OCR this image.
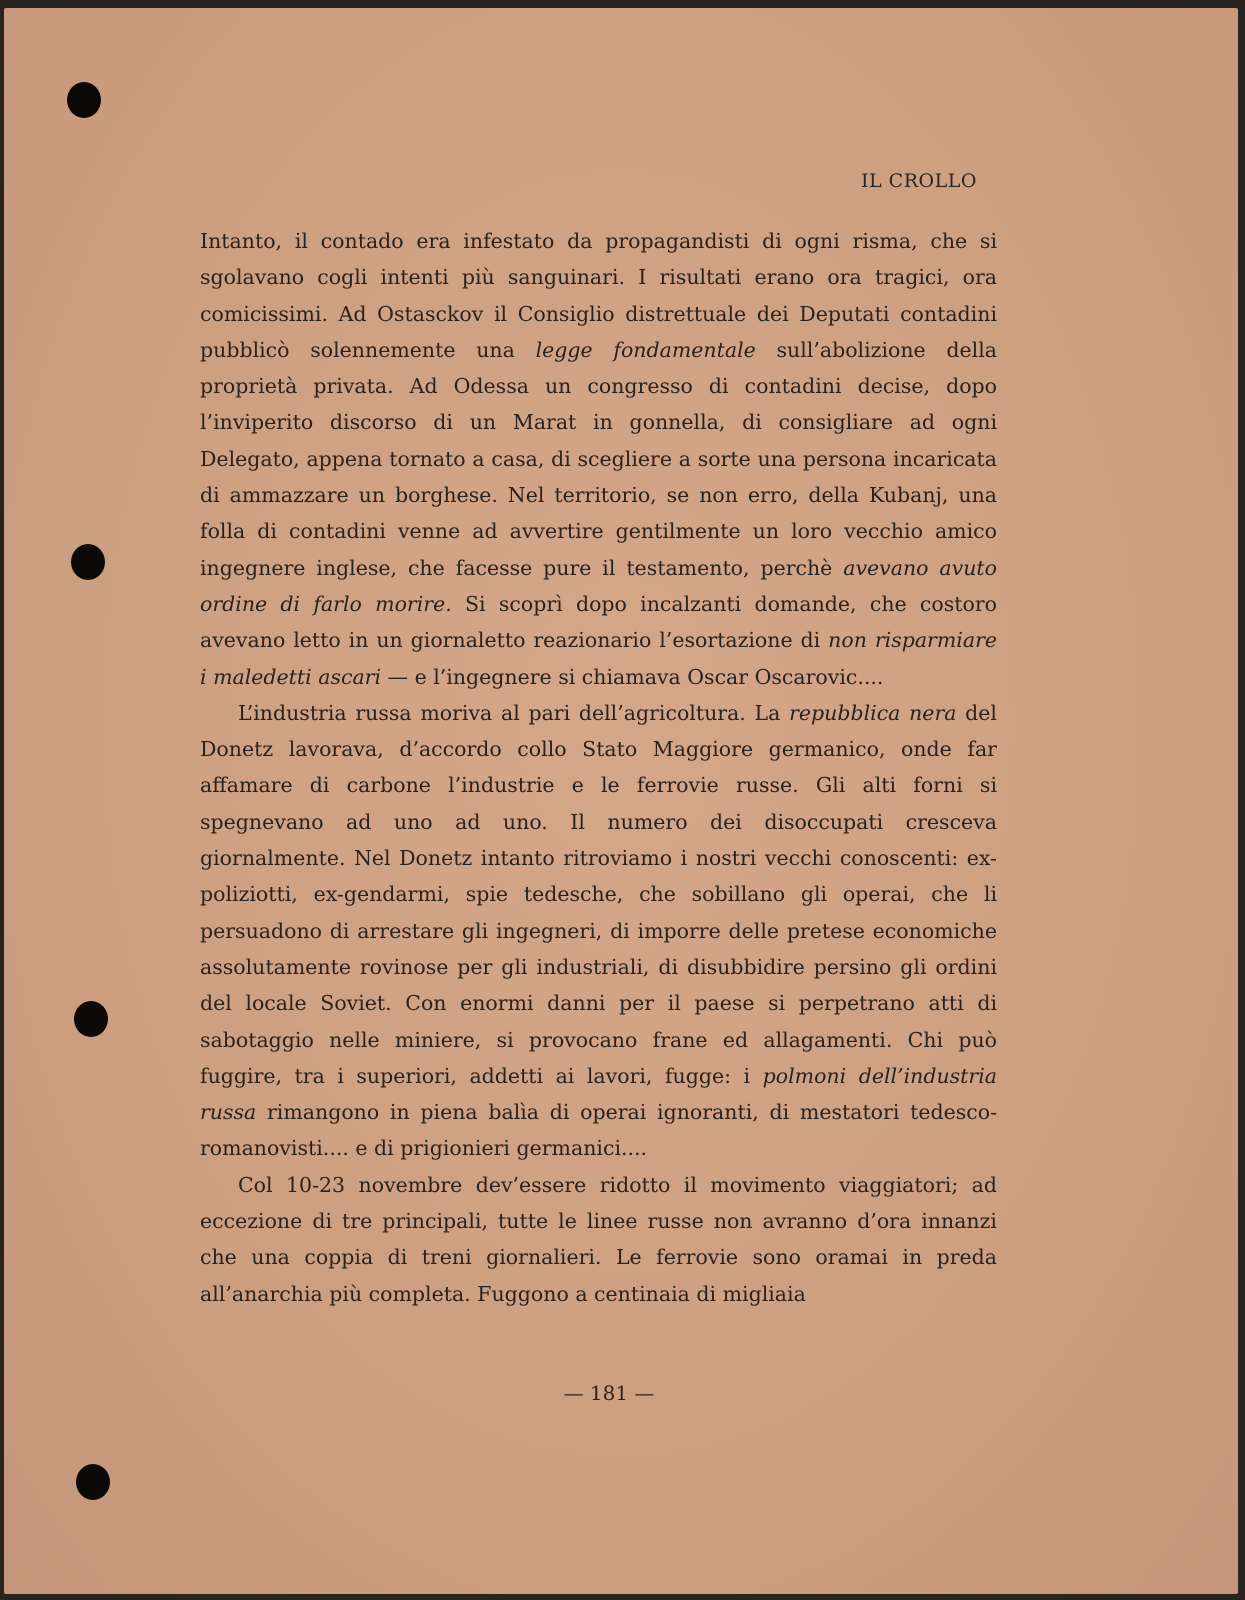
IL CROLLO

Intanto, il contado era infestato da propagandisti di ogni risma, che si sgolavano cogli intenti più sanguinari. I risultati erano ora tragici, ora comicissimi. Ad Ostasckov il Consiglio distrettuale dei Deputati contadini pubblicò solennemente una legge fondamentale sull’abolizione della proprietà privata. Ad Odessa un congresso di contadini decise, dopo l’inviperito discorso di un Marat in gonnella, di consigliare ad ogni Delegato, appena tornato a casa, di scegliere a sorte una persona incaricata di ammazzare un borghese. Nel territorio, se non erro, della Kubanj, una folla di contadini venne ad avvertire gentilmente un loro vecchio amico ingegnere inglese, che facesse pure il testamento, perchè avevano avuto ordine di farlo morire. Si scoprì dopo incalzanti domande, che costoro avevano letto in un giornaletto reazionario l’esortazione di non risparmiare i maledetti ascari — e l’ingegnere si chiamava Oscar Oscarovic....

L’industria russa moriva al pari dell’agricoltura. La repubblica nera del Donetz lavorava, d’accordo collo Stato Maggiore germanico, onde far affamare di carbone l’industrie e le ferrovie russe. Gli alti forni si spegnevano ad uno ad uno. Il numero dei disoccupati cresceva giornalmente. Nel Donetz intanto ritroviamo i nostri vecchi conoscenti: ex-poliziotti, ex-gendarmi, spie tedesche, che sobillano gli operai, che li persuadono di arrestare gli ingegneri, di imporre delle pretese economiche assolutamente rovinose per gli industriali, di disubbidire persino gli ordini del locale Soviet. Con enormi danni per il paese si perpetrano atti di sabotaggio nelle miniere, si provocano frane ed allagamenti. Chi può fuggire, tra i superiori, addetti ai lavori, fugge: i polmoni dell’industria russa rimangono in piena balìa di operai ignoranti, di mestatori tedesco-romanovisti.... e di prigionieri germanici....

Col 10-23 novembre dev’essere ridotto il movimento viaggiatori; ad eccezione di tre principali, tutte le linee russe non avranno d’ora innanzi che una coppia di treni giornalieri. Le ferrovie sono oramai in preda all’anarchia più completa. Fuggono a centinaia di migliaia

— 181 —
